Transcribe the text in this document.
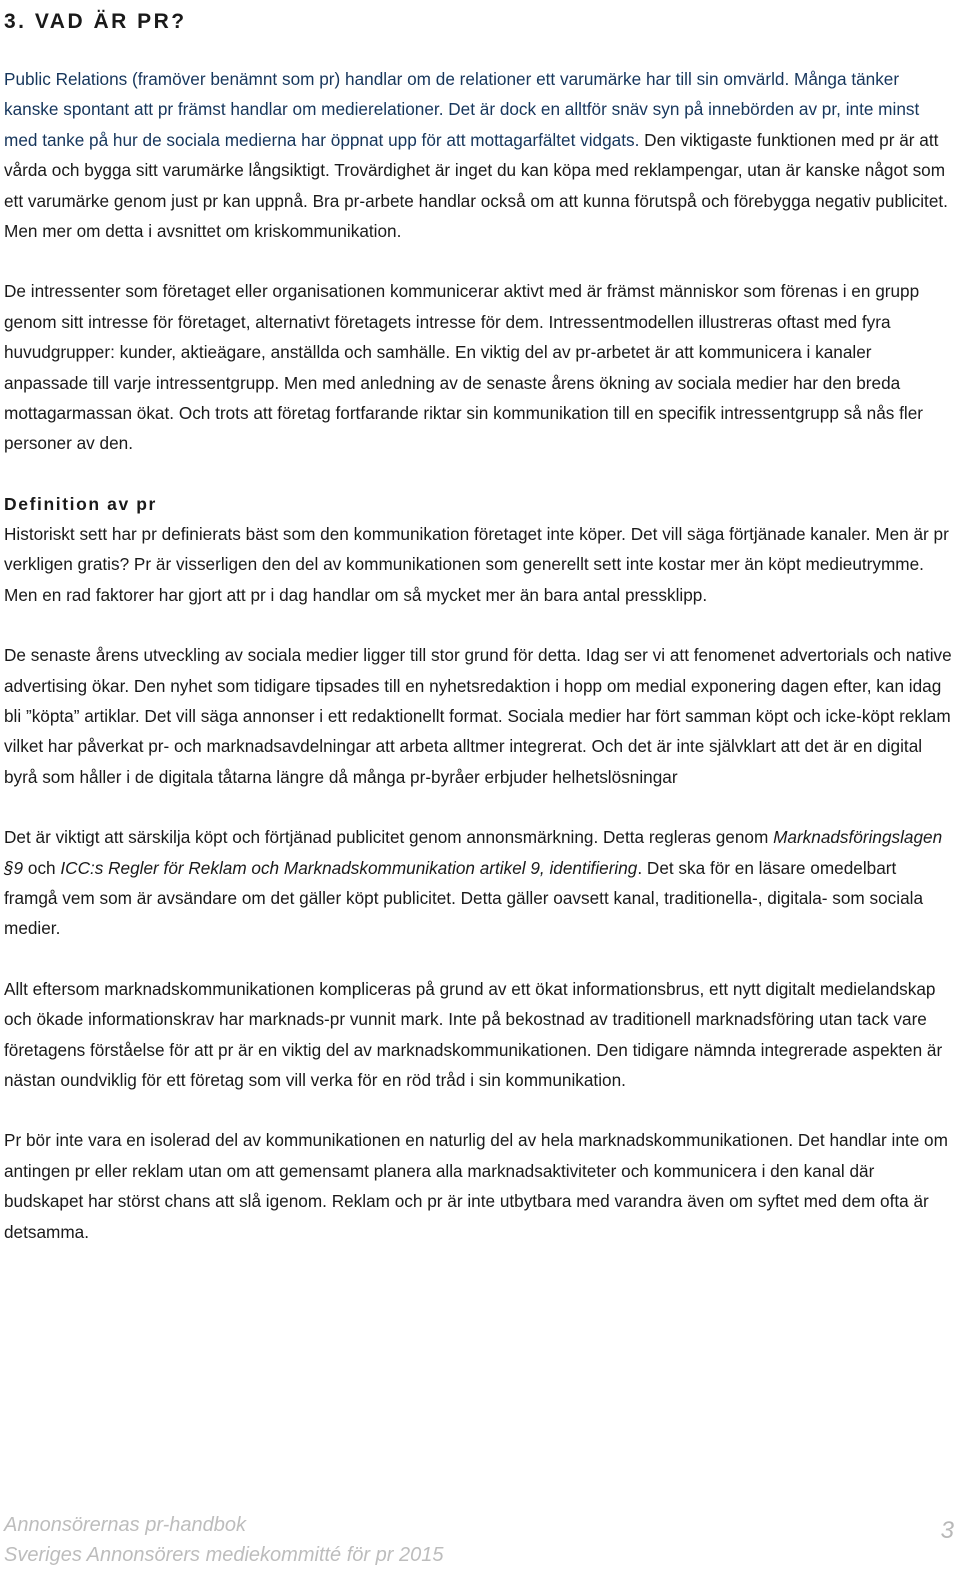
3. VAD ÄR PR?

Public Relations (framöver benämnt som pr) handlar om de relationer ett varumärke har till sin omvärld. Många tänker kanske spontant att pr främst handlar om medierelationer. Det är dock en alltför snäv syn på innebörden av pr, inte minst med tanke på hur de sociala medierna har öppnat upp för att mottagarfältet vidgats. Den viktigaste funktionen med pr är att vårda och bygga sitt varumärke långsiktigt. Trovärdighet är inget du kan köpa med reklampengar, utan är kanske något som ett varumärke genom just pr kan uppnå. Bra pr-arbete handlar också om att kunna förutspå och förebygga negativ publicitet. Men mer om detta i avsnittet om kriskommunikation.

De intressenter som företaget eller organisationen kommunicerar aktivt med är främst människor som förenas i en grupp genom sitt intresse för företaget, alternativt företagets intresse för dem. Intressentmodellen illustreras oftast med fyra huvudgrupper: kunder, aktieägare, anställda och samhälle. En viktig del av pr-arbetet är att kommunicera i kanaler anpassade till varje intressentgrupp. Men med anledning av de senaste årens ökning av sociala medier har den breda mottagarmassan ökat. Och trots att företag fortfarande riktar sin kommunikation till en specifik intressentgrupp så nås fler personer av den.

Definition av pr

Historiskt sett har pr definierats bäst som den kommunikation företaget inte köper. Det vill säga förtjänade kanaler. Men är pr verkligen gratis? Pr är visserligen den del av kommunikationen som generellt sett inte kostar mer än köpt medieutrymme. Men en rad faktorer har gjort att pr i dag handlar om så mycket mer än bara antal pressklipp.

De senaste årens utveckling av sociala medier ligger till stor grund för detta. Idag ser vi att fenomenet advertorials och native advertising ökar. Den nyhet som tidigare tipsades till en nyhetsredaktion i hopp om medial exponering dagen efter, kan idag bli ”köpta” artiklar. Det vill säga annonser i ett redaktionellt format. Sociala medier har fört samman köpt och icke-köpt reklam vilket har påverkat pr- och marknadsavdelningar att arbeta alltmer integrerat. Och det är inte självklart att det är en digital byrå som håller i de digitala tåtarna längre då många pr-byråer erbjuder helhetslösningar

Det är viktigt att särskilja köpt och förtjänad publicitet genom annonsmärkning. Detta regleras genom Marknadsföringslagen §9 och ICC:s Regler för Reklam och Marknadskommunikation artikel 9, identifiering. Det ska för en läsare omedelbart framgå vem som är avsändare om det gäller köpt publicitet. Detta gäller oavsett kanal, traditionella-, digitala- som sociala medier.

Allt eftersom marknadskommunikationen kompliceras på grund av ett ökat informationsbrus, ett nytt digitalt medielandskap och ökade informationskrav har marknads-pr vunnit mark. Inte på bekostnad av traditionell marknadsföring utan tack vare företagens förståelse för att pr är en viktig del av marknadskommunikationen. Den tidigare nämnda integrerade aspekten är nästan oundviklig för ett företag som vill verka för en röd tråd i sin kommunikation.

Pr bör inte vara en isolerad del av kommunikationen en naturlig del av hela marknadskommunikationen. Det handlar inte om antingen pr eller reklam utan om att gemensamt planera alla marknadsaktiviteter och kommunicera i den kanal där budskapet har störst chans att slå igenom. Reklam och pr är inte utbytbara med varandra även om syftet med dem ofta är detsamma.

Annonsörernas pr-handbok
Sveriges Annonsörers mediekommitté för pr 2015
3
